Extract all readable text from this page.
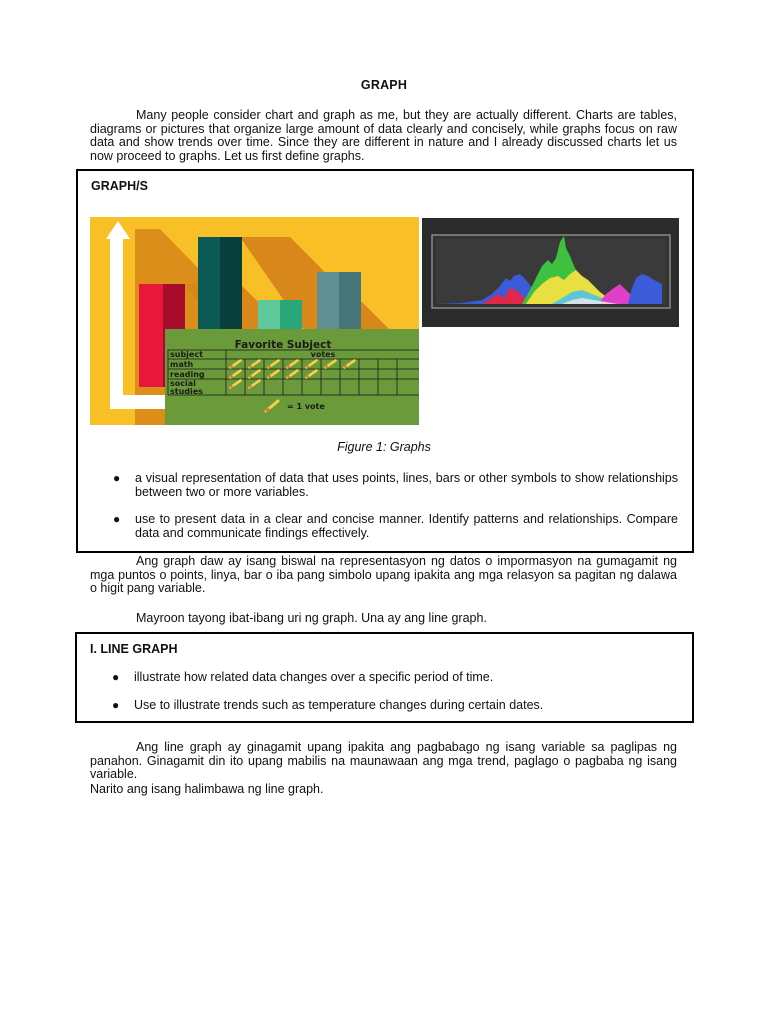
GRAPH

Many people consider chart and graph as me, but they are actually different. Charts are tables, diagrams or pictures that organize large amount of data clearly and concisely, while graphs focus on raw data and show trends over time. Since they are different in nature and I already discussed charts let us now proceed to graphs. Let us first define graphs.

GRAPH/S
Favorite Subject
subject	votes
math
reading
social
studies
= 1 vote
Figure 1: Graphs
● a visual representation of data that uses points, lines, bars or other symbols to show relationships between two or more variables.
● use to present data in a clear and concise manner. Identify patterns and relationships. Compare data and communicate findings effectively.

Ang graph daw ay isang biswal na representasyon ng datos o impormasyon na gumagamit ng mga puntos o points, linya, bar o iba pang simbolo upang ipakita ang mga relasyon sa pagitan ng dalawa o higit pang variable.

Mayroon tayong ibat-ibang uri ng graph. Una ay ang line graph.

I. LINE GRAPH
● illustrate how related data changes over a specific period of time.
● Use to illustrate trends such as temperature changes during certain dates.

Ang line graph ay ginagamit upang ipakita ang pagbabago ng isang variable sa paglipas ng panahon. Ginagamit din ito upang mabilis na maunawaan ang mga trend, paglago o pagbaba ng isang variable.

Narito ang isang halimbawa ng line graph.
